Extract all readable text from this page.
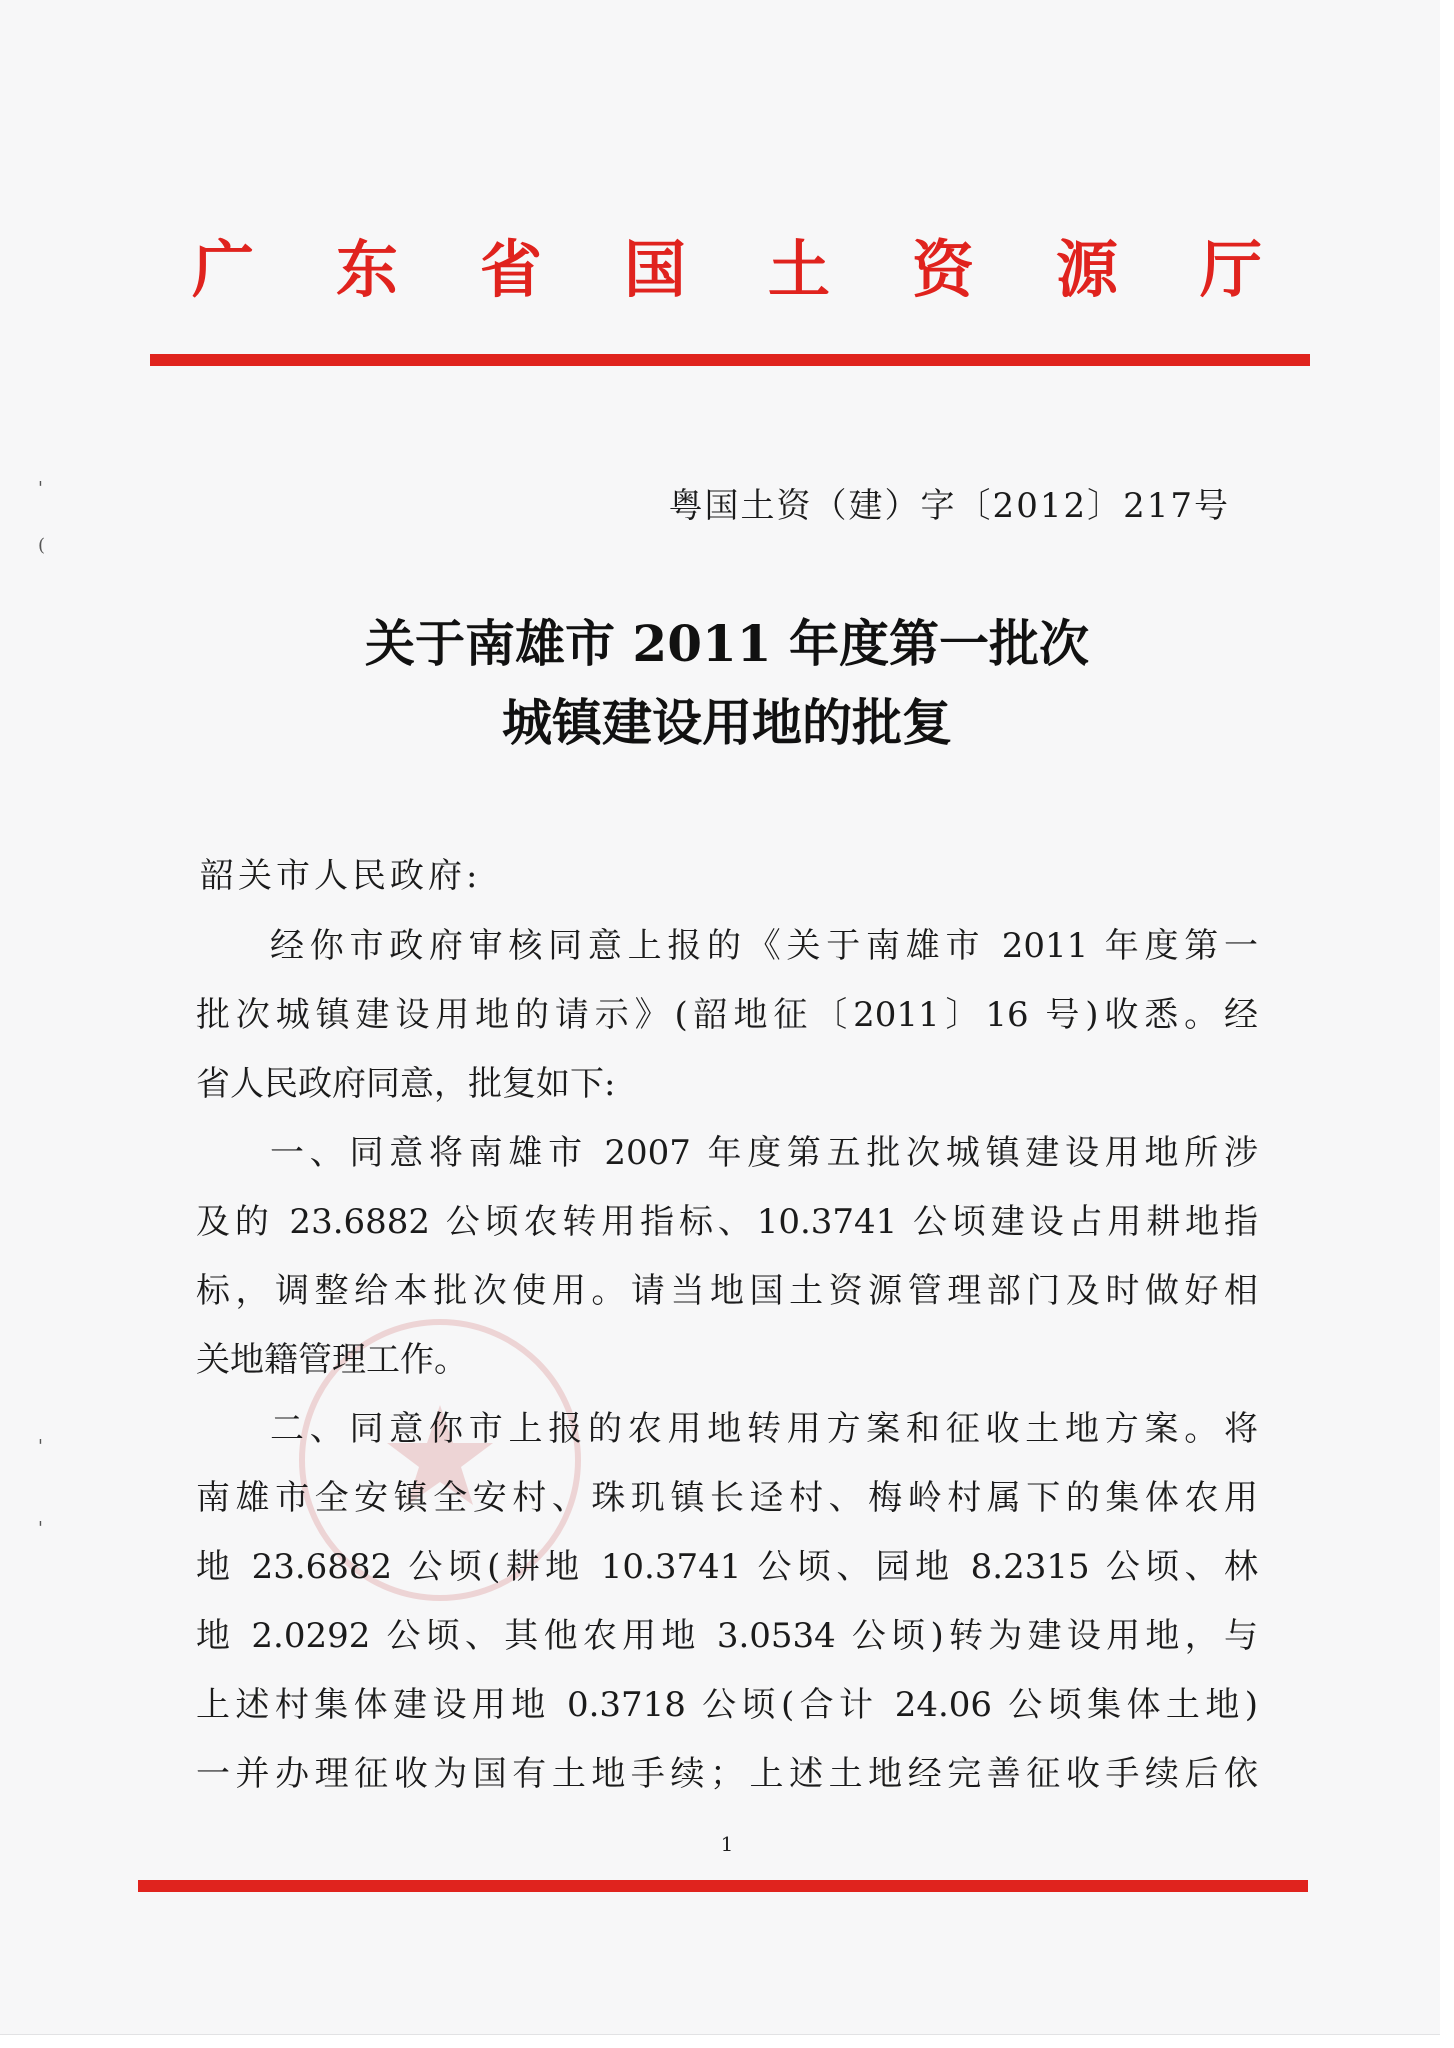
广	东	省	国	土	资	源	厅
粤国土资（建）字〔2012〕217号
关于南雄市 2011 年度第一批次
城镇建设用地的批复
韶关市人民政府:
经你市政府审核同意上报的《关于南雄市 2011 年度第一
批次城镇建设用地的请示》(韶地征〔2011〕16 号)收悉。经
省人民政府同意，批复如下:
一、同意将南雄市 2007 年度第五批次城镇建设用地所涉
及的 23.6882 公顷农转用指标、10.3741 公顷建设占用耕地指
标，调整给本批次使用。请当地国土资源管理部门及时做好相
关地籍管理工作。
二、同意你市上报的农用地转用方案和征收土地方案。将
南雄市全安镇全安村、珠玑镇长迳村、梅岭村属下的集体农用
地 23.6882 公顷(耕地 10.3741 公顷、园地 8.2315 公顷、林
地 2.0292 公顷、其他农用地 3.0534 公顷)转为建设用地，与
上述村集体建设用地 0.3718 公顷(合计 24.06 公顷集体土地)
一并办理征收为国有土地手续；上述土地经完善征收手续后依
1
'
(
'
'
